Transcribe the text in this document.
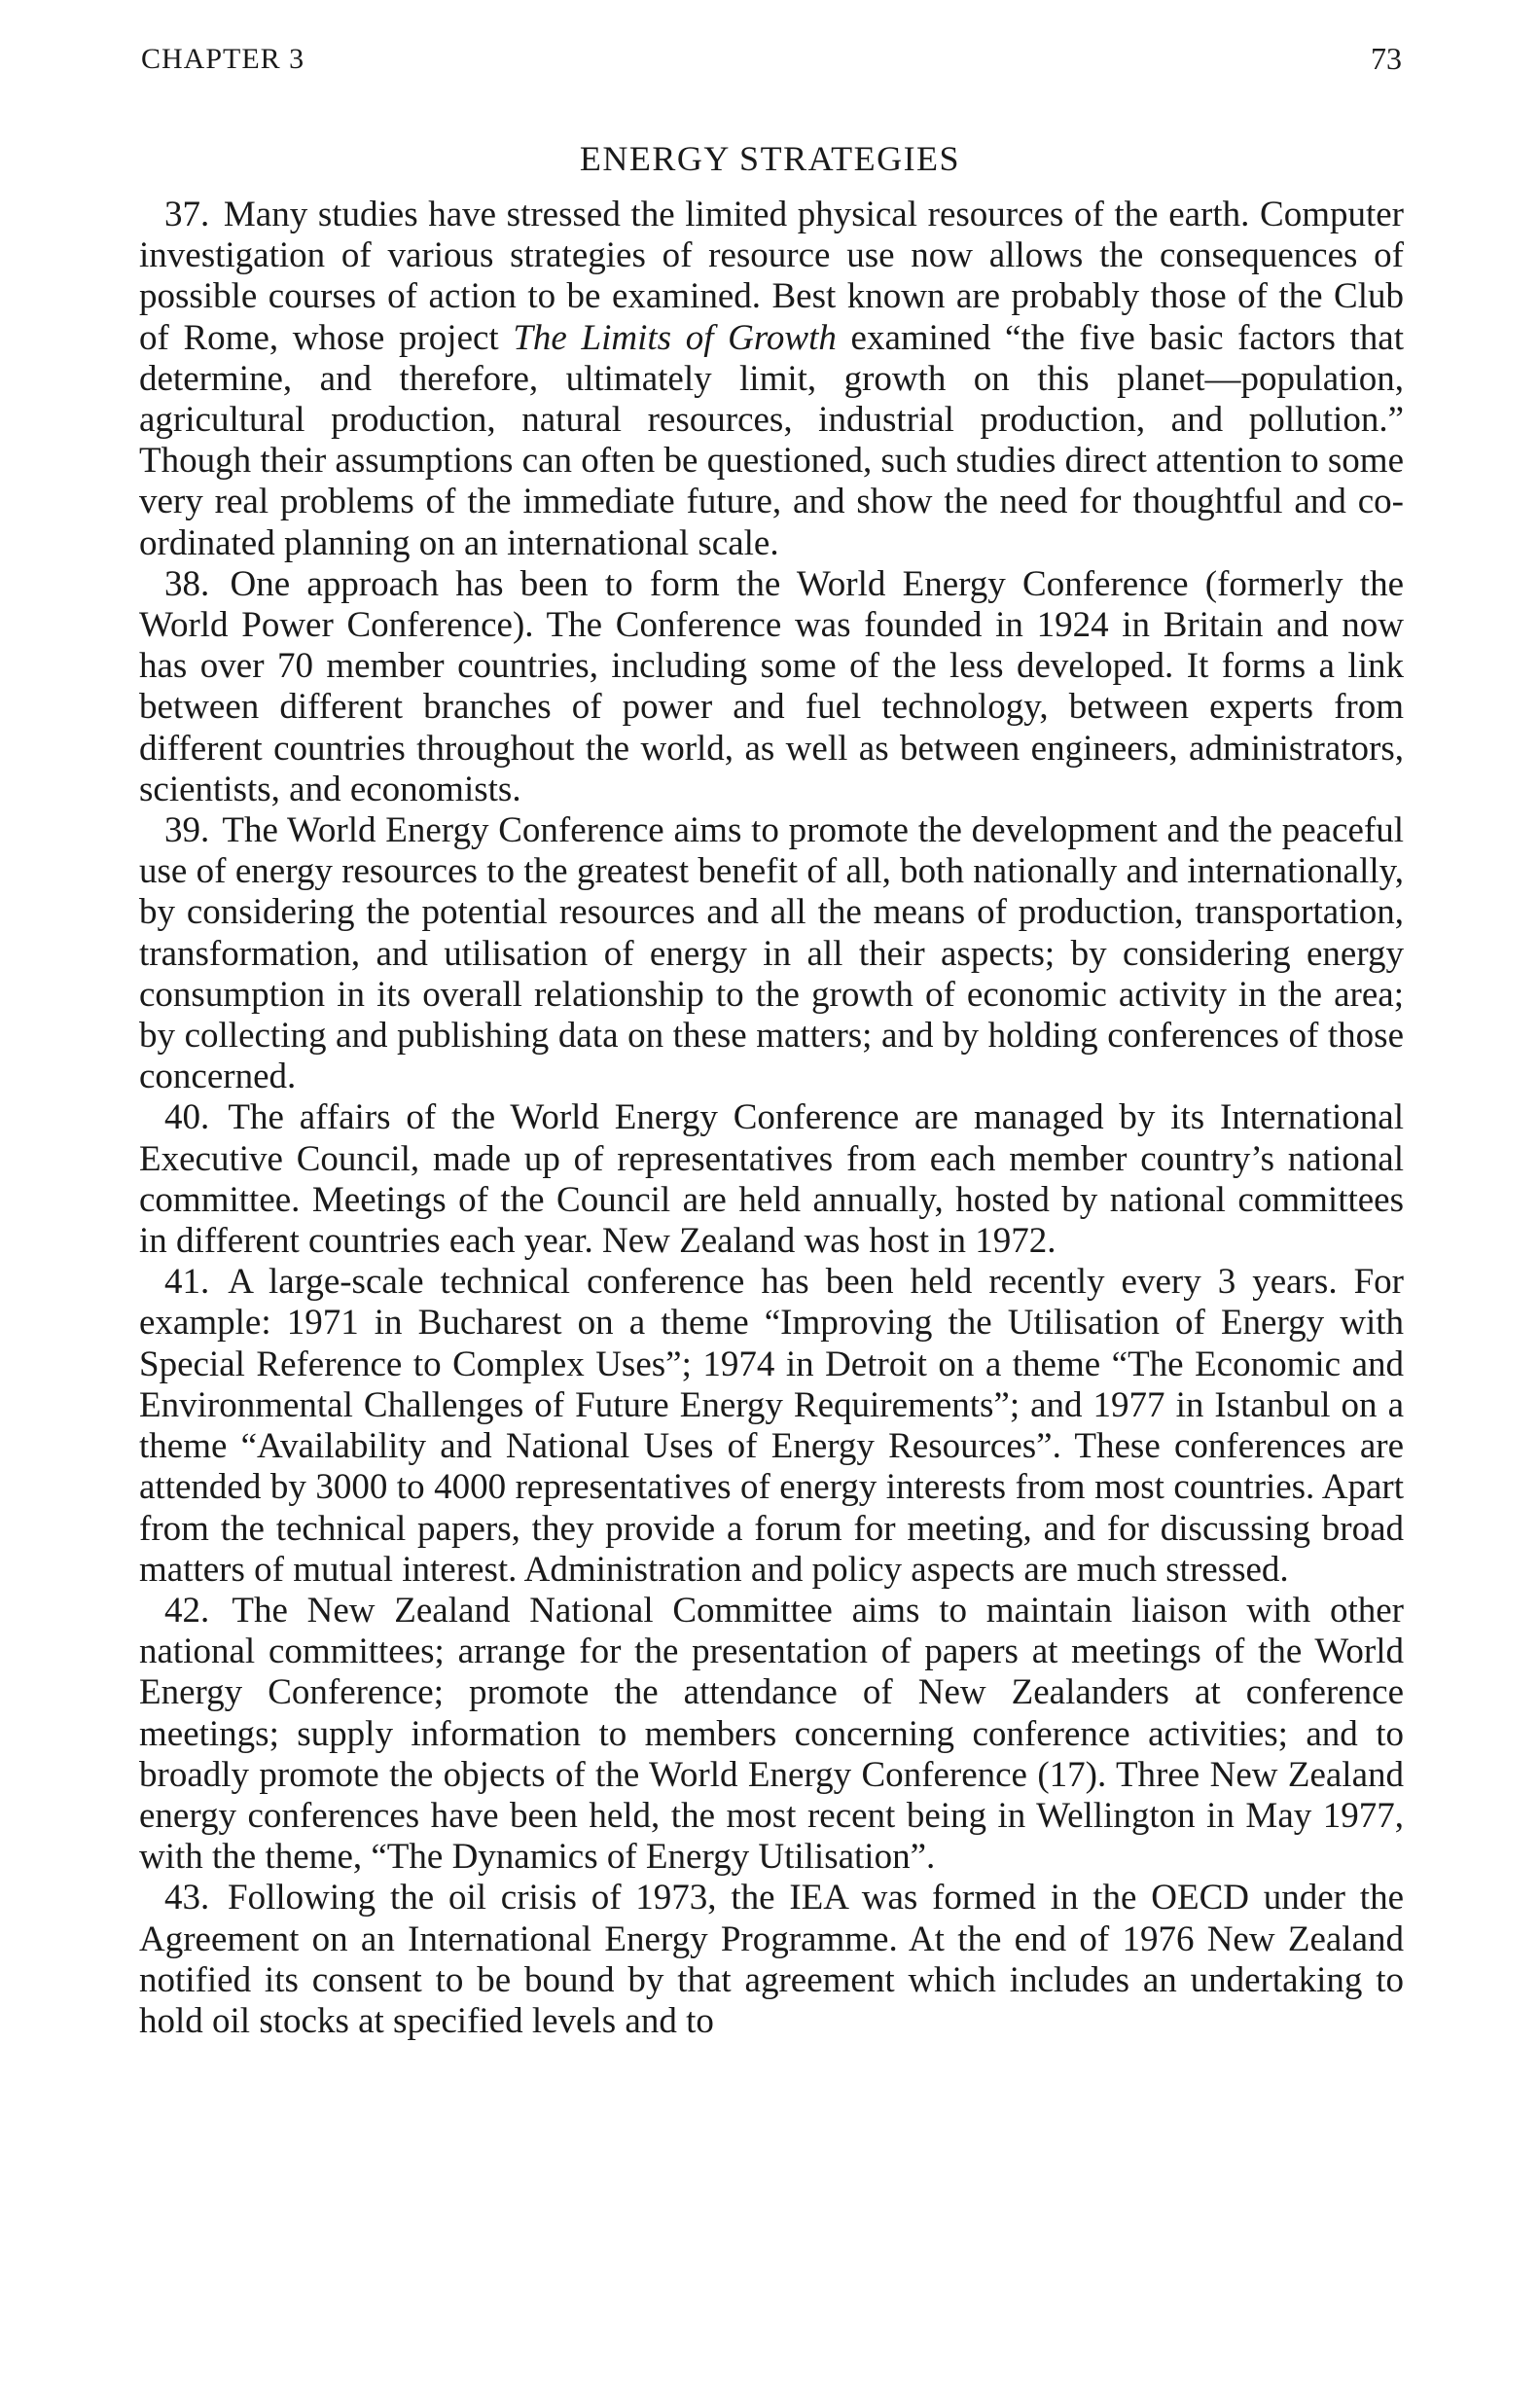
CHAPTER 3	73
ENERGY STRATEGIES

37. Many studies have stressed the limited physical resources of the earth. Computer investigation of various strategies of resource use now allows the consequences of possible courses of action to be examined. Best known are probably those of the Club of Rome, whose project The Limits of Growth examined “the five basic factors that determine, and therefore, ultimately limit, growth on this planet—population, agricultural production, natural resources, industrial production, and pollution.” Though their assumptions can often be questioned, such studies direct attention to some very real problems of the immediate future, and show the need for thoughtful and co-ordinated planning on an international scale.

38. One approach has been to form the World Energy Conference (formerly the World Power Conference). The Conference was founded in 1924 in Britain and now has over 70 member countries, including some of the less developed. It forms a link between different branches of power and fuel technology, between experts from different countries throughout the world, as well as between engineers, administrators, scientists, and economists.

39. The World Energy Conference aims to promote the development and the peaceful use of energy resources to the greatest benefit of all, both nationally and internationally, by considering the potential resources and all the means of production, transportation, transformation, and utilisation of energy in all their aspects; by considering energy consumption in its overall relationship to the growth of economic activity in the area; by collecting and publishing data on these matters; and by holding conferences of those concerned.

40. The affairs of the World Energy Conference are managed by its International Executive Council, made up of representatives from each member country’s national committee. Meetings of the Council are held annually, hosted by national committees in different countries each year. New Zealand was host in 1972.

41. A large-scale technical conference has been held recently every 3 years. For example: 1971 in Bucharest on a theme “Improving the Utilisation of Energy with Special Reference to Complex Uses”; 1974 in Detroit on a theme “The Economic and Environmental Challenges of Future Energy Requirements”; and 1977 in Istanbul on a theme “Availability and National Uses of Energy Resources”. These conferences are attended by 3000 to 4000 representatives of energy interests from most countries. Apart from the technical papers, they provide a forum for meeting, and for discussing broad matters of mutual interest. Administration and policy aspects are much stressed.

42. The New Zealand National Committee aims to maintain liaison with other national committees; arrange for the presentation of papers at meetings of the World Energy Conference; promote the attendance of New Zealanders at conference meetings; supply information to members concerning conference activities; and to broadly promote the objects of the World Energy Conference (17). Three New Zealand energy conferences have been held, the most recent being in Wellington in May 1977, with the theme, “The Dynamics of Energy Utilisation”.

43. Following the oil crisis of 1973, the IEA was formed in the OECD under the Agreement on an International Energy Programme. At the end of 1976 New Zealand notified its consent to be bound by that agreement which includes an undertaking to hold oil stocks at specified levels and to
